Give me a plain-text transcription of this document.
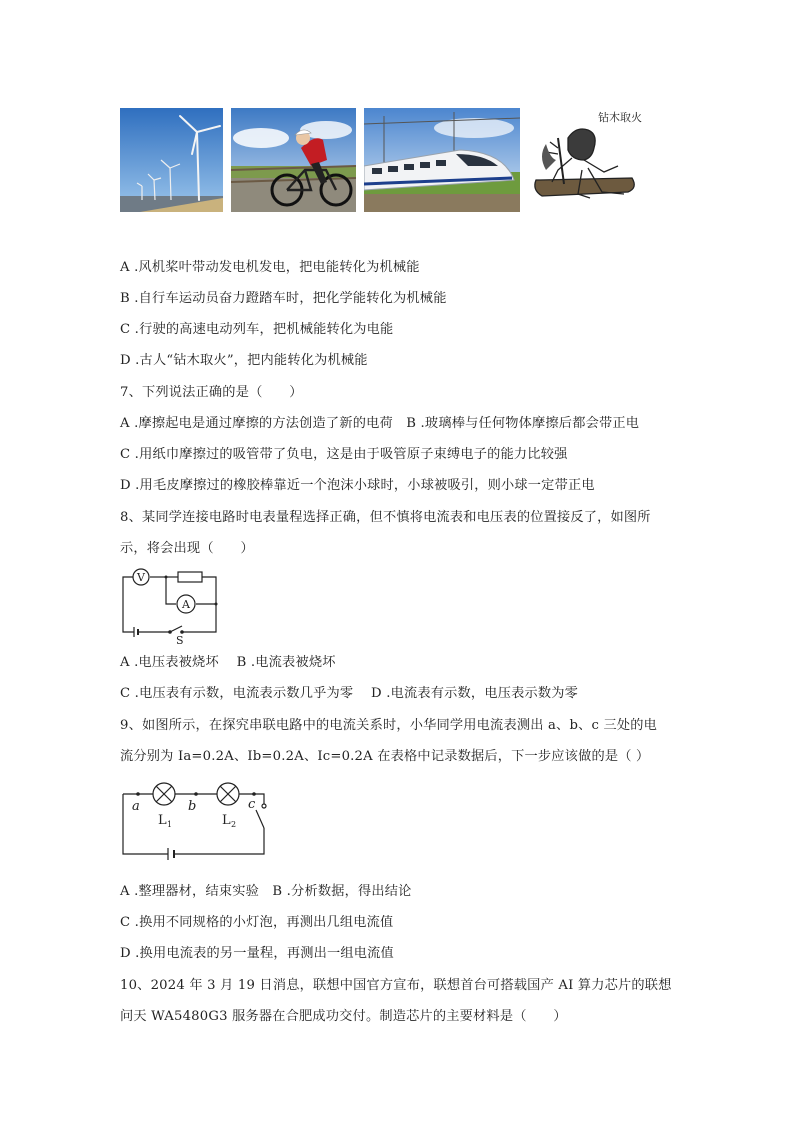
钻木取火
A .风机桨叶带动发电机发电，把电能转化为机械能
B .自行车运动员奋力蹬踏车时，把化学能转化为机械能
C .行驶的高速电动列车，把机械能转化为电能
D .古人“钻木取火”，把内能转化为机械能
7、下列说法正确的是（　　）
A .摩擦起电是通过摩擦的方法创造了新的电荷　B .玻璃棒与任何物体摩擦后都会带正电
C .用纸巾摩擦过的吸管带了负电，这是由于吸管原子束缚电子的能力比较强
D .用毛皮摩擦过的橡胶棒靠近一个泡沫小球时，小球被吸引，则小球一定带正电
8、某同学连接电路时电表量程选择正确，但不慎将电流表和电压表的位置接反了，如图所
示，将会出现（　　）
V
A
S
A .电压表被烧坏　 B .电流表被烧坏
C .电压表有示数，电流表示数几乎为零　 D .电流表有示数，电压表示数为零
9、如图所示，在探究串联电路中的电流关系时，小华同学用电流表测出 a、b、c 三处的电
流分别为 Ia=0.2A、Ib=0.2A、Ic=0.2A 在表格中记录数据后，下一步应该做的是（ ）
a	b	c
L 1	L 2
A .整理器材，结束实验　B .分析数据，得出结论
C .换用不同规格的小灯泡，再测出几组电流值
D .换用电流表的另一量程，再测出一组电流值
10、2024 年 3 月 19 日消息，联想中国官方宣布，联想首台可搭载国产 AI 算力芯片的联想
问天 WA5480G3 服务器在合肥成功交付。制造芯片的主要材料是（　　）
